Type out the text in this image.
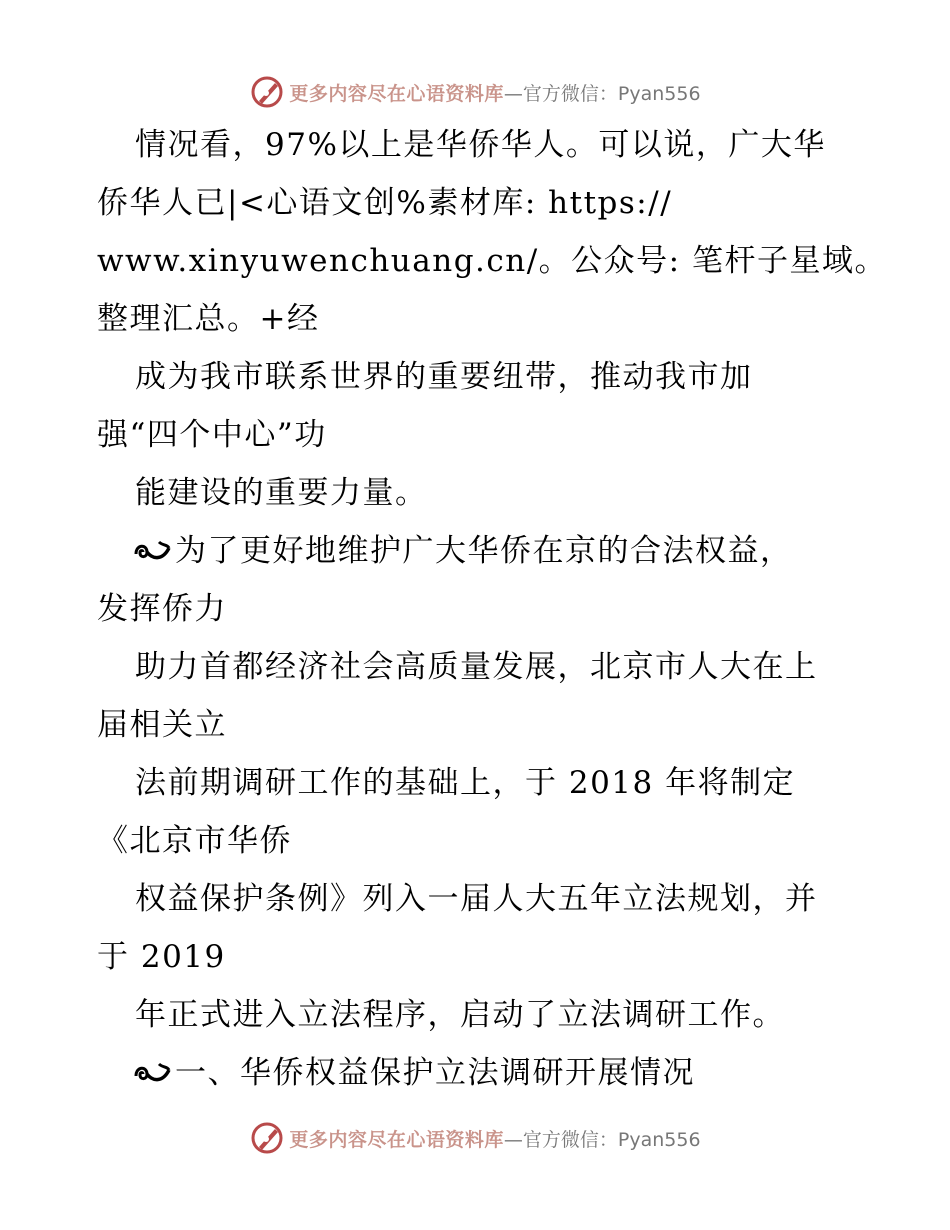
更多内容尽在心语资料库 —官方微信：Pyan556
情况看，97%以上是华侨华人。可以说，广大华
侨华人已|<心语文创%素材库: https://
www.xinyuwenchuang.cn/。公众号: 笔杆子星域。
整理汇总。+经
成为我市联系世界的重要纽带，推动我市加
强“四个中心”功
能建设的重要力量。
为了更好地维护广大华侨在京的合法权益，
发挥侨力
助力首都经济社会高质量发展，北京市人大在上
届相关立
法前期调研工作的基础上，于 2018 年将制定
《北京市华侨
权益保护条例》列入一届人大五年立法规划，并
于 2019
年正式进入立法程序，启动了立法调研工作。
一、华侨权益保护立法调研开展情况
更多内容尽在心语资料库 —官方微信：Pyan556
